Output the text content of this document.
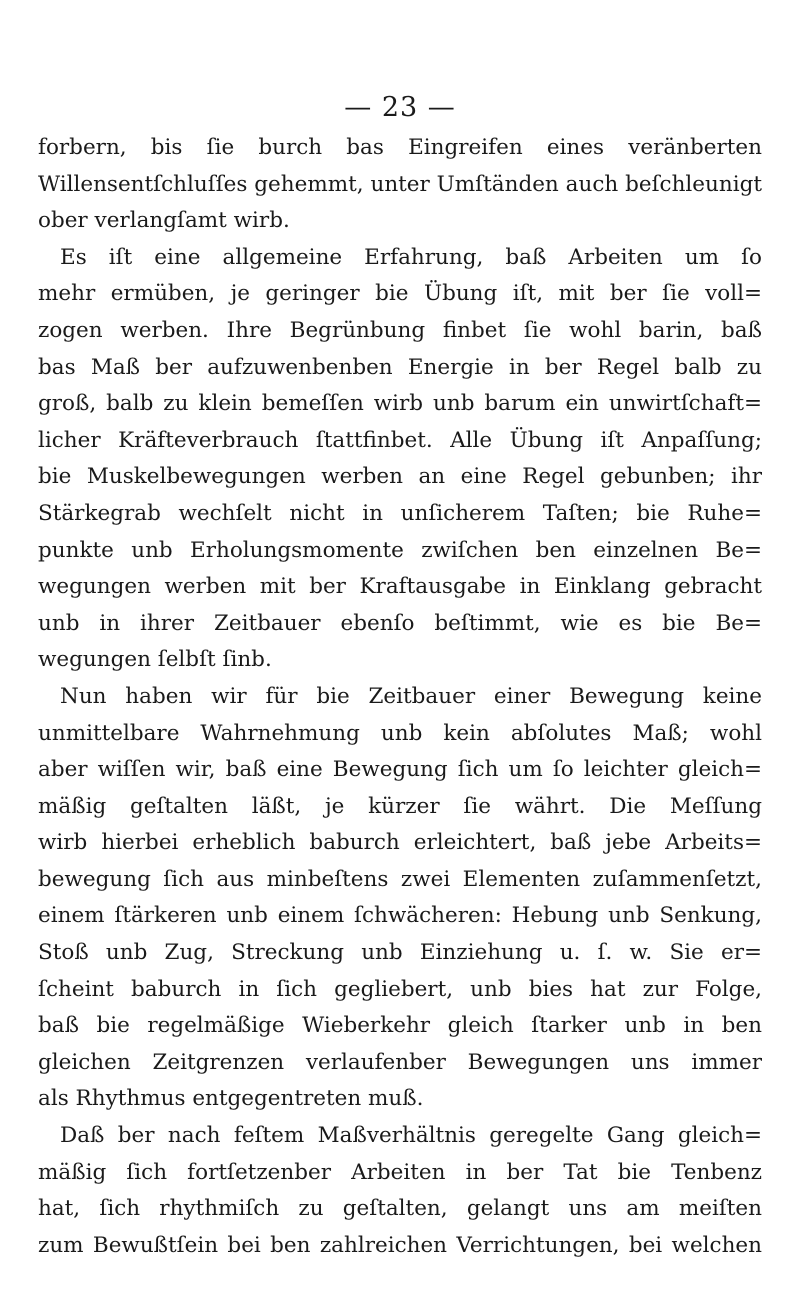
— 23 —
forbern, bis ſie burch bas Eingreifen eines veränberten
Willensentſchluſſes gehemmt, unter Umſtänden auch beſchleunigt
ober verlangſamt wirb.
Es iſt eine allgemeine Erfahrung, baß Arbeiten um ſo
mehr ermüben, je geringer bie Übung iſt, mit ber ſie voll=
zogen werben. Ihre Begrünbung finbet ſie wohl barin, baß
bas Maß ber aufzuwenbenben Energie in ber Regel balb zu
groß, balb zu klein bemeſſen wirb unb barum ein unwirtſchaft=
licher Kräfteverbrauch ſtattfinbet. Alle Übung iſt Anpaſſung;
bie Muskelbewegungen werben an eine Regel gebunben; ihr
Stärkegrab wechſelt nicht in unſicherem Taſten; bie Ruhe=
punkte unb Erholungsmomente zwiſchen ben einzelnen Be=
wegungen werben mit ber Kraftausgabe in Einklang gebracht
unb in ihrer Zeitbauer ebenſo beſtimmt, wie es bie Be=
wegungen ſelbſt ſinb.
Nun haben wir für bie Zeitbauer einer Bewegung keine
unmittelbare Wahrnehmung unb kein abſolutes Maß; wohl
aber wiſſen wir, baß eine Bewegung ſich um ſo leichter gleich=
mäßig geſtalten läßt, je kürzer ſie währt. Die Meſſung
wirb hierbei erheblich baburch erleichtert, baß jebe Arbeits=
bewegung ſich aus minbeſtens zwei Elementen zuſammenſetzt,
einem ſtärkeren unb einem ſchwächeren: Hebung unb Senkung,
Stoß unb Zug, Streckung unb Einziehung u. ſ. w. Sie er=
ſcheint baburch in ſich gegliebert, unb bies hat zur Folge,
baß bie regelmäßige Wieberkehr gleich ſtarker unb in ben
gleichen Zeitgrenzen verlaufenber Bewegungen uns immer
als Rhythmus entgegentreten muß.
Daß ber nach feſtem Maßverhältnis geregelte Gang gleich=
mäßig ſich fortſetzenber Arbeiten in ber Tat bie Tenbenz
hat, ſich rhythmiſch zu geſtalten, gelangt uns am meiſten
zum Bewußtſein bei ben zahlreichen Verrichtungen, bei welchen
